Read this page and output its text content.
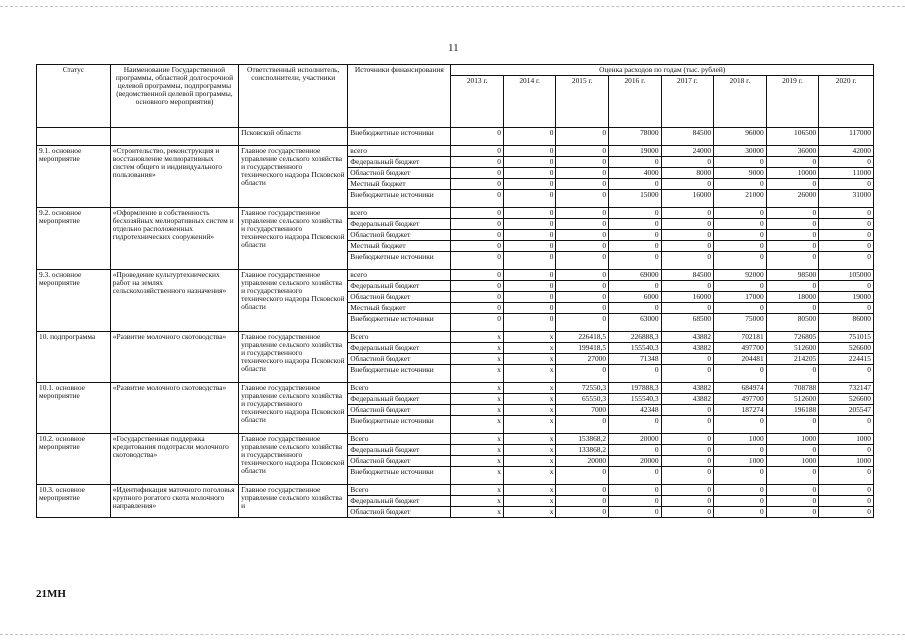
11
Статус	Наименование Государственной программы, областной долгосрочной целевой программы, подпрограммы (ведомственной целевой программы, основного мероприятия)	Ответственный исполнитель, соисполнители, участники	Источники финансирования	Оценка расходов по годам (тыс. рублей)							
				2013 г.	2014 г.	2015 г.	2016 г.	2017 г.	2018 г.	2019 г.	2020 г.
		Псковской области	Внебюджетные источники	0	0	0	78000	84500	96000	106500	117000
9.1. основное мероприятие	«Строительство, реконструкция и восстановление мелиоративных систем общего и индивидуального пользования»	Главное государственное управление сельского хозяйства и государственного технического надзора Псковской области	всего	0	0	0	19000	24000	30000	36000	42000
			Федеральный бюджет	0	0	0	0	0	0	0	0
			Областной бюджет	0	0	0	4000	8000	9000	10000	11000
			Местный бюджет	0	0	0	0	0	0	0	0
			Внебюджетные источники	0	0	0	15000	16000	21000	26000	31000
9.2. основное мероприятие	«Оформление в собственность бесхозяйных мелиоративных систем и отдельно расположенных гидротехнических сооружений»	Главное государственное управление сельского хозяйства и государственного технического надзора Псковской области	всего	0	0	0	0	0	0	0	0
			Федеральный бюджет	0	0	0	0	0	0	0	0
			Областной бюджет	0	0	0	0	0	0	0	0
			Местный бюджет	0	0	0	0	0	0	0	0
			Внебюджетные источники	0	0	0	0	0	0	0	0
9.3. основное мероприятие	«Проведение культуртехнических работ на землях сельскохозяйственного назначения»	Главное государственное управление сельского хозяйства и государственного технического надзора Псковской области	всего	0	0	0	69000	84500	92000	98500	105000
			Федеральный бюджет	0	0	0	0	0	0	0	0
			Областной бюджет	0	0	0	6000	16000	17000	18000	19000
			Местный бюджет	0	0	0	0	0	0	0	0
			Внебюджетные источники	0	0	0	63000	68500	75000	80500	86000
10. подпрограмма	«Развитие молочного скотоводства»	Главное государственное управление сельского хозяйства и государственного технического надзора Псковской области	Всего	x	x	226418,5	226888,3	43882	702181	726805	751015
			Федеральный бюджет	x	x	199418,5	155540,3	43882	497700	512600	526600
			Областной бюджет	x	x	27000	71348	0	204481	214205	224415
			Внебюджетные источники	x	x	0	0	0	0	0	0
10.1. основное мероприятие	«Развитие молочного скотоводства»	Главное государственное управление сельского хозяйства и государственного технического надзора Псковской области	Всего	x	x	72550,3	197888,3	43882	684974	708788	732147
			Федеральный бюджет	x	x	65550,3	155540,3	43882	497700	512600	526600
			Областной бюджет	x	x	7000	42348	0	187274	196188	205547
			Внебюджетные источники	x	x	0	0	0	0	0	0
10.2. основное мероприятие	«Государственная поддержка кредитования подотрасли молочного скотоводства»	Главное государственное управление сельского хозяйства и государственного технического надзора Псковской области	Всего	x	x	153868,2	20000	0	1000	1000	1000
			Федеральный бюджет	x	x	133868,2	0	0	0	0	0
			Областной бюджет	x	x	20000	20000	0	1000	1000	1000
			Внебюджетные источники	x	x	0	0	0	0	0	0
10.3. основное мероприятие	«Идентификация маточного поголовья крупного рогатого скота молочного направления»	Главное государственное управление сельского хозяйства и	Всего	x	x	0	0	0	0	0	0
			Федеральный бюджет	x	x	0	0	0	0	0	0
			Областной бюджет	x	x	0	0	0	0	0	0
21МН
